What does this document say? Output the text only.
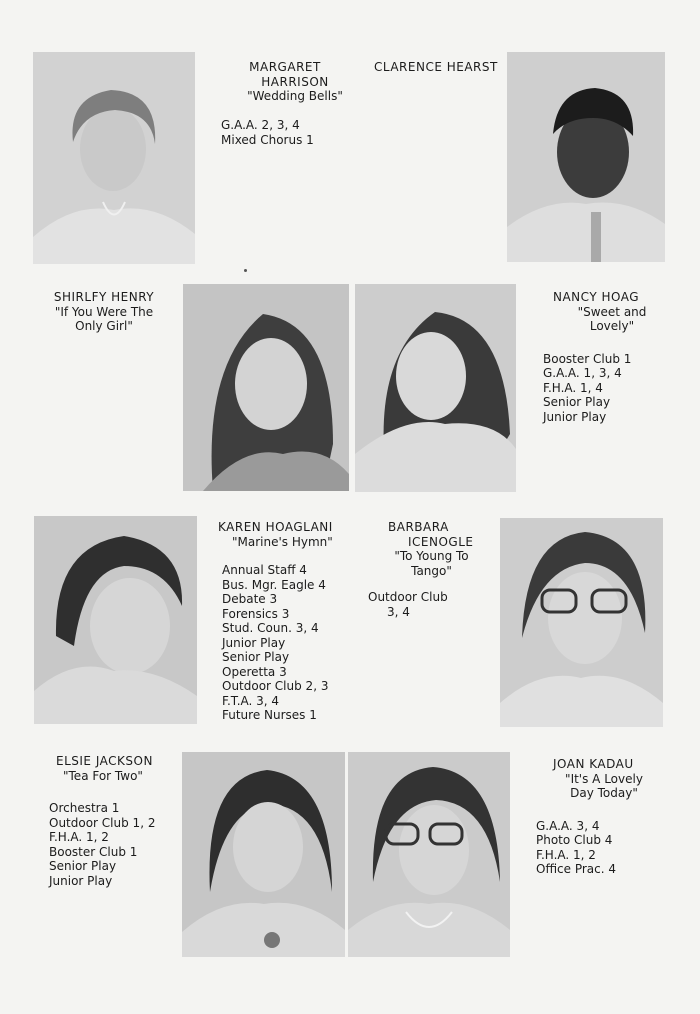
MARGARET
HARRISON
"Wedding Bells"
G.A.A. 2, 3, 4
Mixed Chorus 1
CLARENCE HEARST
SHIRLFY HENRY
"If You Were The
Only Girl"
NANCY HOAG
"Sweet and
Lovely"
Booster Club 1
G.A.A. 1, 3, 4
F.H.A. 1, 4
Senior Play
Junior Play
KAREN HOAGLANI
"Marine's Hymn"
Annual Staff 4
Bus. Mgr. Eagle 4
Debate 3
Forensics 3
Stud. Coun. 3, 4
Junior Play
Senior Play
Operetta 3
Outdoor Club 2, 3
F.T.A. 3, 4
Future Nurses 1
BARBARA
ICENOGLE
"To Young To
Tango"
Outdoor Club
3, 4
ELSIE JACKSON
"Tea For Two"
Orchestra 1
Outdoor Club 1, 2
F.H.A. 1, 2
Booster Club 1
Senior Play
Junior Play
JOAN KADAU
"It's A Lovely
Day Today"
G.A.A. 3, 4
Photo Club 4
F.H.A. 1, 2
Office Prac. 4
